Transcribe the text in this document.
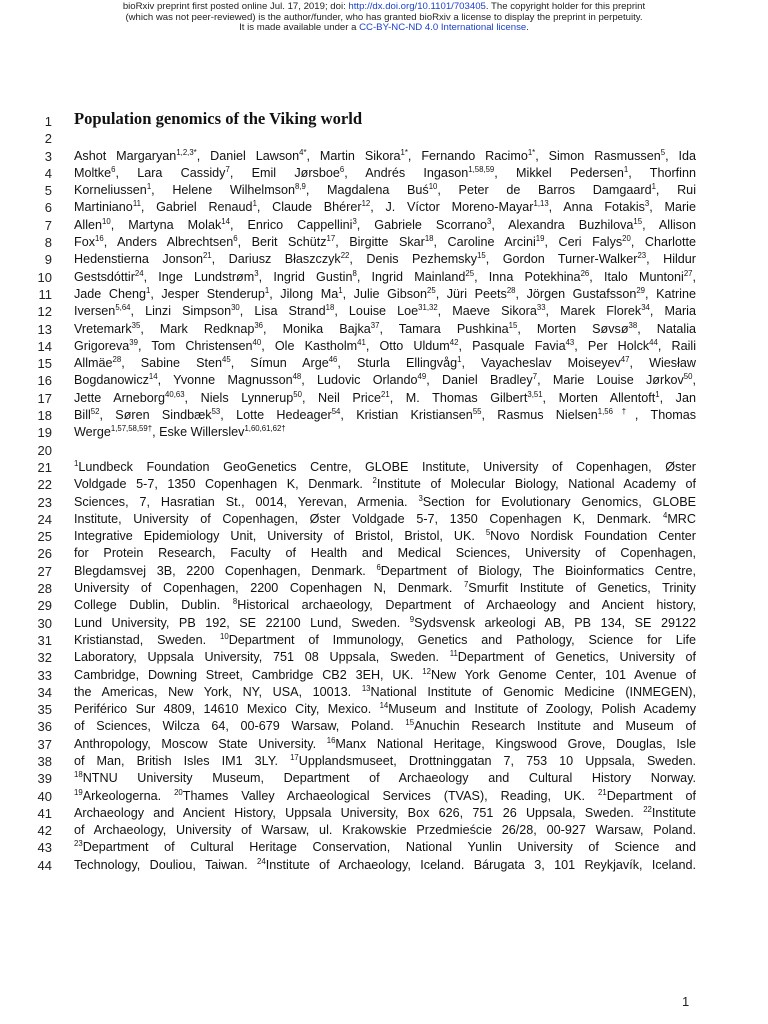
bioRxiv preprint first posted online Jul. 17, 2019; doi: http://dx.doi.org/10.1101/703405. The copyright holder for this preprint
(which was not peer-reviewed) is the author/funder, who has granted bioRxiv a license to display the preprint in perpetuity.
It is made available under a CC-BY-NC-ND 4.0 International license.
1 Population genomics of the Viking world
2
3 Ashot Margaryan$^{1,2,3*}$, Daniel Lawson$^{4*}$, Martin Sikora$^{1*}$, Fernando Racimo$^{1*}$, Simon Rasmussen$^5$, Ida
4 Moltke$^6$, Lara Cassidy$^7$, Emil Jørsboe$^6$, Andrés Ingason$^{1,58,59}$, Mikkel Pedersen$^1$, Thorfinn
5 Korneliussen$^1$, Helene Wilhelmson$^{8,9}$, Magdalena Buś$^{10}$, Peter de Barros Damgaard$^1$, Rui
6 Martiniano$^{11}$, Gabriel Renaud$^1$, Claude Bhérer$^{12}$, J. Víctor Moreno-Mayar$^{1,13}$, Anna Fotakis$^3$, Marie
7 Allen$^{10}$, Martyna Molak$^{14}$, Enrico Cappellini$^3$, Gabriele Scorrano$^3$, Alexandra Buzhilova$^{15}$, Allison
8 Fox$^{16}$, Anders Albrechtsen$^6$, Berit Schütz$^{17}$, Birgitte Skar$^{18}$, Caroline Arcini$^{19}$, Ceri Falys$^{20}$, Charlotte
9 Hedenstierna Jonson$^{21}$, Dariusz Błaszczyk$^{22}$, Denis Pezhemsky$^{15}$, Gordon Turner-Walker$^{23}$, Hildur
10 Gestsdóttir$^{24}$, Inge Lundstrøm$^3$, Ingrid Gustin$^8$, Ingrid Mainland$^{25}$, Inna Potekhina$^{26}$, Italo Muntoni$^{27}$,
11 Jade Cheng$^1$, Jesper Stenderup$^1$, Jilong Ma$^1$, Julie Gibson$^{25}$, Jüri Peets$^{28}$, Jörgen Gustafsson$^{29}$, Katrine
12 Iversen$^{5,64}$, Linzi Simpson$^{30}$, Lisa Strand$^{18}$, Louise Loe$^{31,32}$, Maeve Sikora$^{33}$, Marek Florek$^{34}$, Maria
13 Vretemark$^{35}$, Mark Redknap$^{36}$, Monika Bajka$^{37}$, Tamara Pushkina$^{15}$, Morten Søvsø$^{38}$, Natalia
14 Grigoreva$^{39}$, Tom Christensen$^{40}$, Ole Kastholm$^{41}$, Otto Uldum$^{42}$, Pasquale Favia$^{43}$, Per Holck$^{44}$, Raili
15 Allmäe$^{28}$, Sabine Sten$^{45}$, Símun Arge$^{46}$, Sturla Ellingvåg$^1$, Vayacheslav Moiseyev$^{47}$, Wiesław
16 Bogdanowicz$^{14}$, Yvonne Magnusson$^{48}$, Ludovic Orlando$^{49}$, Daniel Bradley$^7$, Marie Louise Jørkov$^{50}$,
17 Jette Arneborg$^{40,63}$, Niels Lynnerup$^{50}$, Neil Price$^{21}$, M. Thomas Gilbert$^{3,51}$, Morten Allentoft$^1$, Jan
18 Bill$^{52}$, Søren Sindbæk$^{53}$, Lotte Hedeager$^{54}$, Kristian Kristiansen$^{55}$, Rasmus Nielsen$^{1,56\dagger}$, Thomas
19 Werge$^{1,57,58,59\dagger}$, Eske Willerslev$^{1,60,61,62\dagger}$
20
21	$^1$Lundbeck Foundation GeoGenetics Centre, GLOBE Institute, University of Copenhagen, Øster
22 Voldgade 5-7, 1350 Copenhagen K, Denmark. $^2$Institute of Molecular Biology, National Academy of
23 Sciences, 7, Hasratian St., 0014, Yerevan, Armenia. $^3$Section for Evolutionary Genomics, GLOBE
24 Institute, University of Copenhagen, Øster Voldgade 5-7, 1350 Copenhagen K, Denmark. $^4$MRC
25 Integrative Epidemiology Unit, University of Bristol, Bristol, UK. $^5$Novo Nordisk Foundation Center
26 for Protein Research, Faculty of Health and Medical Sciences, University of Copenhagen,
27 Blegdamsvej 3B, 2200 Copenhagen, Denmark. $^6$Department of Biology, The Bioinformatics Centre,
28 University of Copenhagen, 2200 Copenhagen N, Denmark. $^7$Smurfit Institute of Genetics, Trinity
29 College Dublin, Dublin. $^8$Historical archaeology, Department of Archaeology and Ancient history,
30 Lund University, PB 192, SE 22100 Lund, Sweden. $^9$Sydsvensk arkeologi AB, PB 134, SE 29122
31 Kristianstad, Sweden. $^{10}$Department of Immunology, Genetics and Pathology, Science for Life
32 Laboratory, Uppsala University, 751 08 Uppsala, Sweden. $^{11}$Department of Genetics, University of
33 Cambridge, Downing Street, Cambridge CB2 3EH, UK. $^{12}$New York Genome Center, 101 Avenue of
34 the Americas, New York, NY, USA, 10013. $^{13}$National Institute of Genomic Medicine (INMEGEN),
35 Periférico Sur 4809, 14610 Mexico City, Mexico. $^{14}$Museum and Institute of Zoology, Polish Academy
36 of Sciences, Wilcza 64, 00-679 Warsaw, Poland. $^{15}$Anuchin Research Institute and Museum of
37 Anthropology, Moscow State University. $^{16}$Manx National Heritage, Kingswood Grove, Douglas, Isle
38 of Man, British Isles IM1 3LY. $^{17}$Upplandsmuseet, Drottninggatan 7, 753 10 Uppsala, Sweden.
39	$^{18}$NTNU University Museum, Department of Archaeology and Cultural History Norway.
40	$^{19}$Arkeologerna. $^{20}$Thames Valley Archaeological Services (TVAS), Reading, UK. $^{21}$Department of
41 Archaeology and Ancient History, Uppsala University, Box 626, 751 26 Uppsala, Sweden. $^{22}$Institute
42 of Archaeology, University of Warsaw, ul. Krakowskie Przedmieście 26/28, 00-927 Warsaw, Poland.
43	$^{23}$Department of Cultural Heritage Conservation, National Yunlin University of Science and
44 Technology, Douliou, Taiwan. $^{24}$Institute of Archaeology, Iceland. Bárugata 3, 101 Reykjavík, Iceland.
1
